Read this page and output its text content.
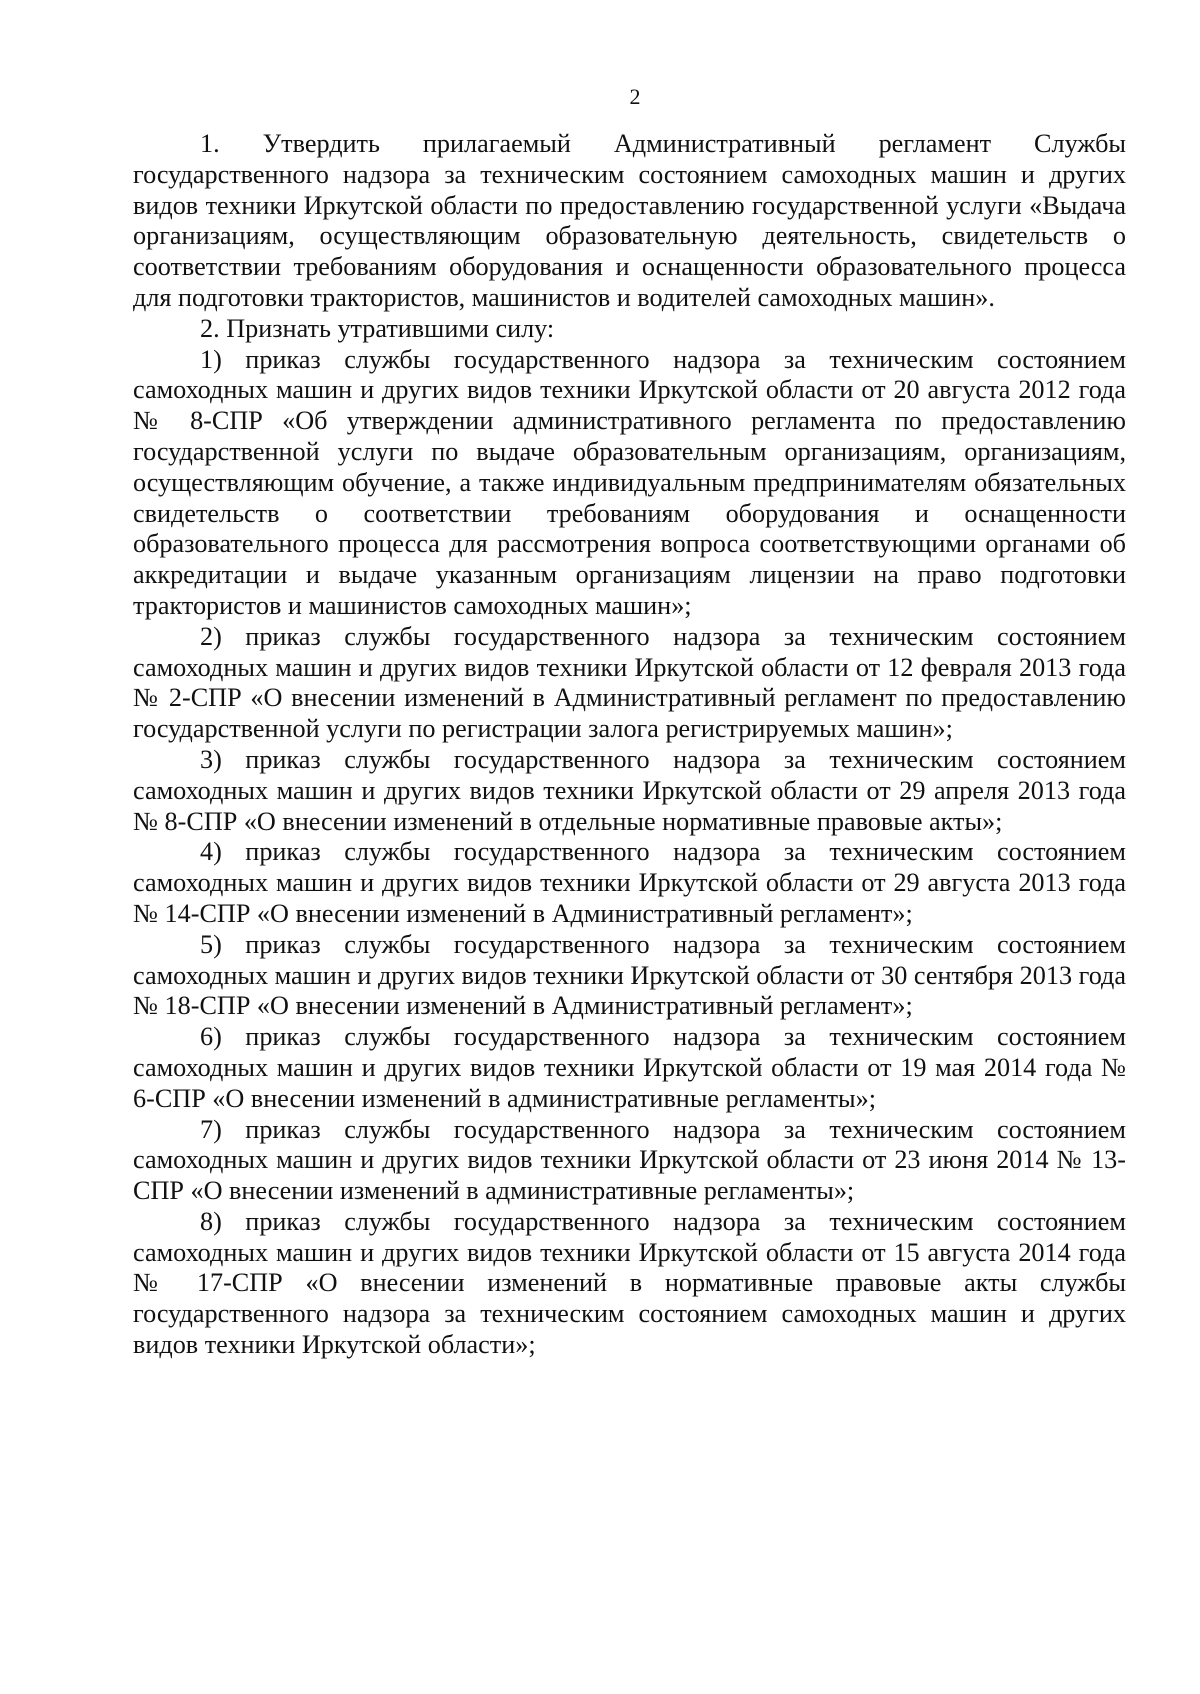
2

1. Утвердить прилагаемый Административный регламент Службы государственного надзора за техническим состоянием самоходных машин и других видов техники Иркутской области по предоставлению государственной услуги «Выдача организациям, осуществляющим образовательную деятельность, свидетельств о соответствии требованиям оборудования и оснащенности образовательного процесса для подготовки трактористов, машинистов и водителей самоходных машин».

2. Признать утратившими силу:

1) приказ службы государственного надзора за техническим состоянием самоходных машин и других видов техники Иркутской области от 20 августа 2012 года № 8-СПР «Об утверждении административного регламента по предоставлению государственной услуги по выдаче образовательным организациям, организациям, осуществляющим обучение, а также индивидуальным предпринимателям обязательных свидетельств о соответствии требованиям оборудования и оснащенности образовательного процесса для рассмотрения вопроса соответствующими органами об аккредитации и выдаче указанным организациям лицензии на право подготовки трактористов и машинистов самоходных машин»;

2) приказ службы государственного надзора за техническим состоянием самоходных машин и других видов техники Иркутской области от 12 февраля 2013 года № 2-СПР «О внесении изменений в Административный регламент по предоставлению государственной услуги по регистрации залога регистрируемых машин»;

3) приказ службы государственного надзора за техническим состоянием самоходных машин и других видов техники Иркутской области от 29 апреля 2013 года № 8-СПР «О внесении изменений в отдельные нормативные правовые акты»;

4) приказ службы государственного надзора за техническим состоянием самоходных машин и других видов техники Иркутской области от 29 августа 2013 года № 14-СПР «О внесении изменений в Административный регламент»;

5) приказ службы государственного надзора за техническим состоянием самоходных машин и других видов техники Иркутской области от 30 сентября 2013 года № 18-СПР «О внесении изменений в Административный регламент»;

6) приказ службы государственного надзора за техническим состоянием самоходных машин и других видов техники Иркутской области от 19 мая 2014 года № 6-СПР «О внесении изменений в административные регламенты»;

7) приказ службы государственного надзора за техническим состоянием самоходных машин и других видов техники Иркутской области от 23 июня 2014 № 13-СПР «О внесении изменений в административные регламенты»;

8) приказ службы государственного надзора за техническим состоянием самоходных машин и других видов техники Иркутской области от 15 августа 2014 года № 17-СПР «О внесении изменений в нормативные правовые акты службы государственного надзора за техническим состоянием самоходных машин и других видов техники Иркутской области»;
